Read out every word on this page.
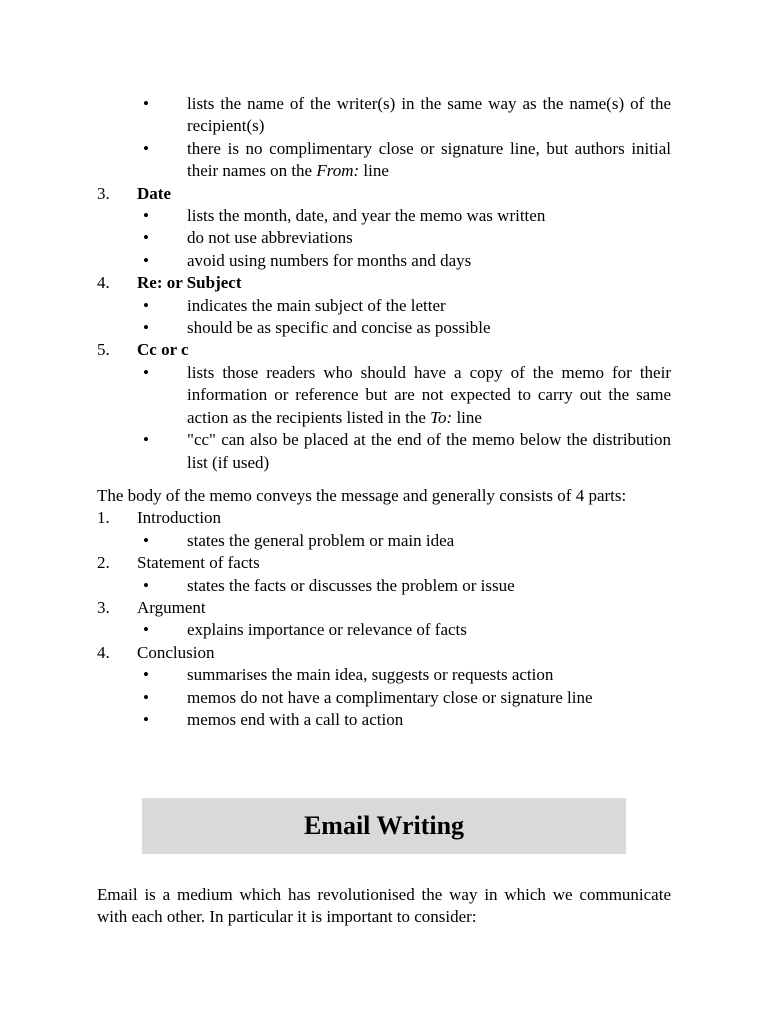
• lists the name of the writer(s) in the same way as the name(s) of the recipient(s)
• there is no complimentary close or signature line, but authors initial their names on the From: line
3. Date
• lists the month, date, and year the memo was written
• do not use abbreviations
• avoid using numbers for months and days
4. Re: or Subject
• indicates the main subject of the letter
• should be as specific and concise as possible
5. Cc or c
• lists those readers who should have a copy of the memo for their information or reference but are not expected to carry out the same action as the recipients listed in the To: line
• "cc" can also be placed at the end of the memo below the distribution list (if used)
The body of the memo conveys the message and generally consists of 4 parts:
1. Introduction
• states the general problem or main idea
2. Statement of facts
• states the facts or discusses the problem or issue
3. Argument
• explains importance or relevance of facts
4. Conclusion
• summarises the main idea, suggests or requests action
• memos do not have a complimentary close or signature line
• memos end with a call to action
Email Writing
Email is a medium which has revolutionised the way in which we communicate with each other. In particular it is important to consider:
